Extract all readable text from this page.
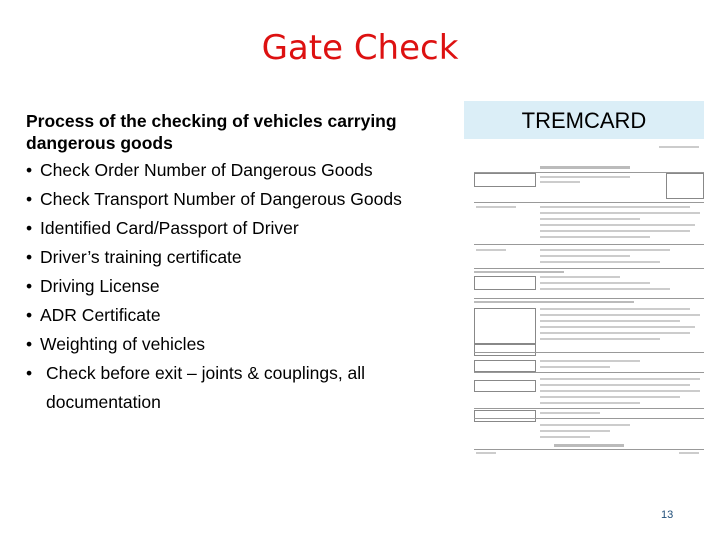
Gate Check
Process of the checking of vehicles carrying dangerous goods
• Check Order Number of Dangerous Goods
• Check Transport Number of Dangerous Goods
• Identified Card/Passport of Driver
• Driver’s training certificate
• Driving License
• ADR Certificate
• Weighting of vehicles
• Check before exit – joints & couplings, all documentation
TREMCARD
13
